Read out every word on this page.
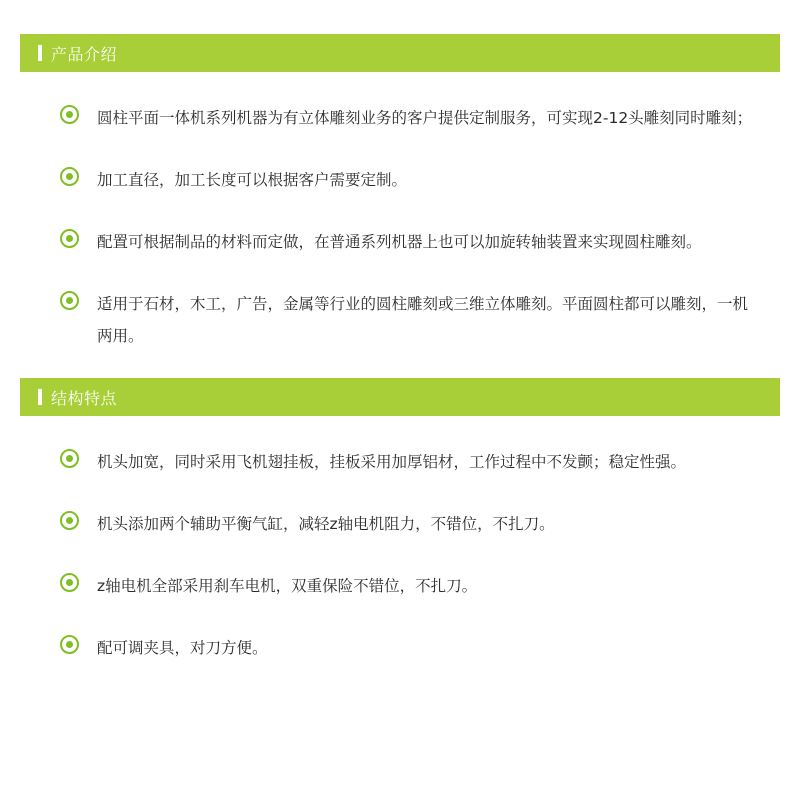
产品介绍
圆柱平面一体机系列机器为有立体雕刻业务的客户提供定制服务，可实现2-12头雕刻同时雕刻；
加工直径，加工长度可以根据客户需要定制。
配置可根据制品的材料而定做，在普通系列机器上也可以加旋转轴装置来实现圆柱雕刻。
适用于石材，木工，广告，金属等行业的圆柱雕刻或三维立体雕刻。平面圆柱都可以雕刻，一机两用。
结构特点
机头加宽，同时采用飞机翅挂板，挂板采用加厚铝材，工作过程中不发颤；稳定性强。
机头添加两个辅助平衡气缸，减轻z轴电机阻力，不错位，不扎刀。
z轴电机全部采用刹车电机，双重保险不错位，不扎刀。
配可调夹具，对刀方便。
